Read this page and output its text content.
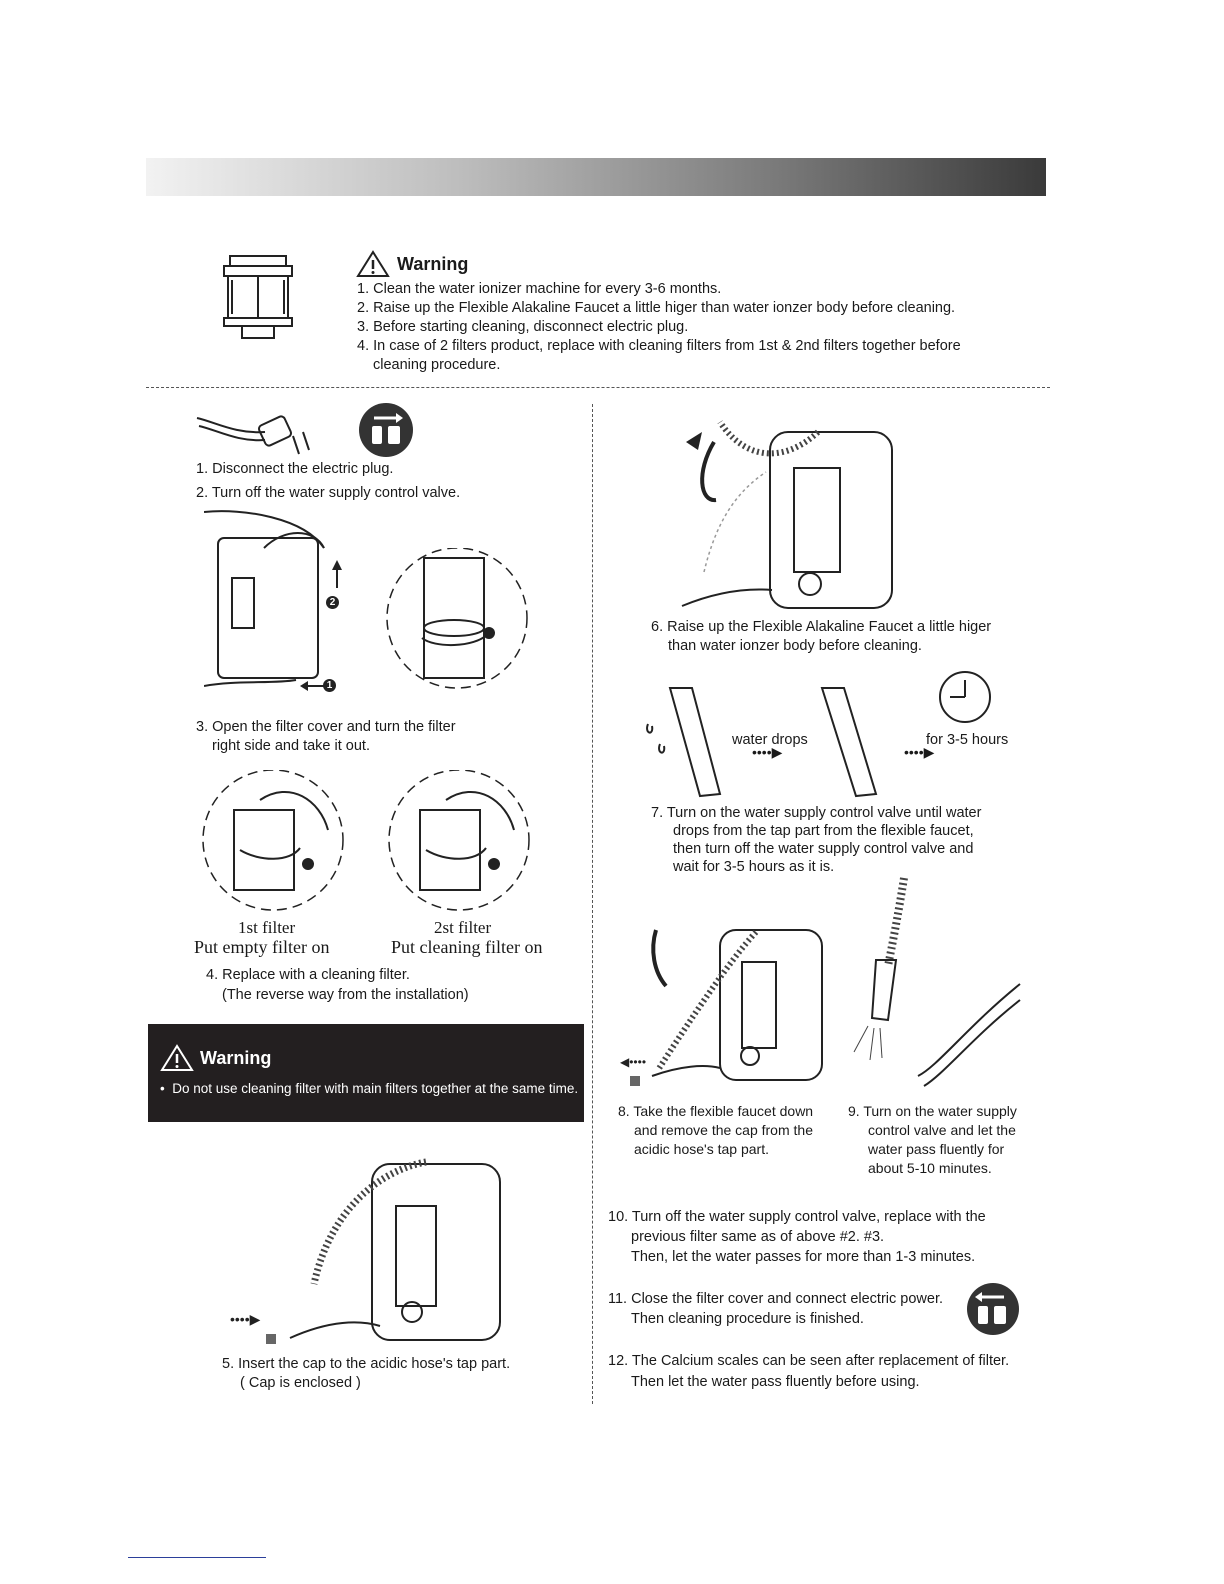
Warning
1. Clean the water ionizer machine for every 3-6 months.
2. Raise up the Flexible Alakaline Faucet a little higer than water ionzer body before cleaning.
3. Before starting cleaning, disconnect electric plug.
4. In case of 2 filters product, replace with cleaning filters from 1st & 2nd filters together before
cleaning procedure.
1. Disconnect the electric plug.
2. Turn off the water supply control valve.
2
1
3. Open the filter cover and turn the filter
right side and take it out.
1st filter
Put empty filter on
2st filter
Put cleaning filter on
4. Replace with a cleaning filter.
(The reverse way from the installation)
Warning
•  Do not use cleaning filter with main filters together at the same time.
••••▶
5. Insert the cap to the acidic hose's tap part.
( Cap is enclosed )
6. Raise up the Flexible Alakaline Faucet a little higer
than water ionzer body before cleaning.
water drops
••••▶
for 3-5 hours
••••▶
7. Turn on the water supply control valve until water
drops from the tap part from the flexible faucet,
then turn off the water supply control valve and
wait for 3-5 hours as it is.
◀••••
8. Take the flexible faucet down
and remove the cap from the
acidic hose's tap part.
9. Turn on the water supply
control valve and let the
water pass fluently for
about 5-10 minutes.
10. Turn off the water supply control valve, replace with the
previous filter same as of above #2. #3.
Then, let the water passes for more than 1-3 minutes.
11. Close the filter cover and connect electric power.
Then cleaning procedure is finished.
12. The Calcium scales can be seen after replacement of filter.
Then let the water pass fluently before using.
